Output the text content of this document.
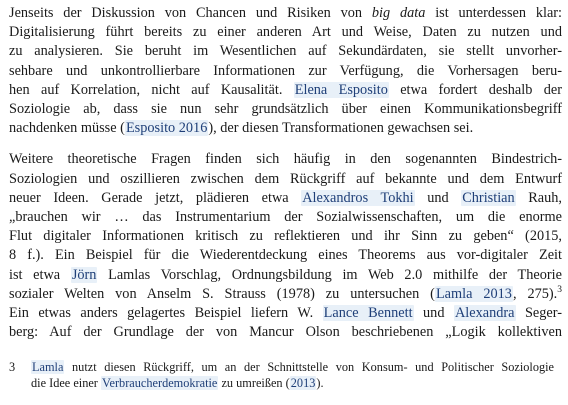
Jenseits der Diskussion von Chancen und Risiken von big data ist unterdessen klar:
Digitalisierung führt bereits zu einer anderen Art und Weise, Daten zu nutzen und
zu analysieren. Sie beruht im Wesentlichen auf Sekundärdaten, sie stellt unvorher-
sehbare und unkontrollierbare Informationen zur Verfügung, die Vorhersagen beru-
hen auf Korrelation, nicht auf Kausalität. Elena Esposito etwa fordert deshalb der
Soziologie ab, dass sie nun sehr grundsätzlich über einen Kommunikationsbegriff
nachdenken müsse (Esposito 2016), der diesen Transformationen gewachsen sei.

Weitere theoretische Fragen finden sich häufig in den sogenannten Bindestrich-
Soziologien und oszillieren zwischen dem Rückgriff auf bekannte und dem Entwurf
neuer Ideen. Gerade jetzt, plädieren etwa Alexandros Tokhi und Christian Rauh,
„brauchen wir … das Instrumentarium der Sozialwissenschaften, um die enorme
Flut digitaler Informationen kritisch zu reflektieren und ihr Sinn zu geben“ (2015,
8 f.). Ein Beispiel für die Wiederentdeckung eines Theorems aus vor-digitaler Zeit
ist etwa Jörn Lamlas Vorschlag, Ordnungsbildung im Web 2.0 mithilfe der Theorie
sozialer Welten von Anselm S. Strauss (1978) zu untersuchen (Lamla 2013, 275).$^3$
Ein etwas anders gelagertes Beispiel liefern W. Lance Bennett und Alexandra Seger-
berg: Auf der Grundlage der von Mancur Olson beschriebenen „Logik kollektiven

3	Lamla nutzt diesen Rückgriff, um an der Schnittstelle von Konsum- und Politischer Soziologie
die Idee einer Verbraucherdemokratie zu umreißen (2013).
